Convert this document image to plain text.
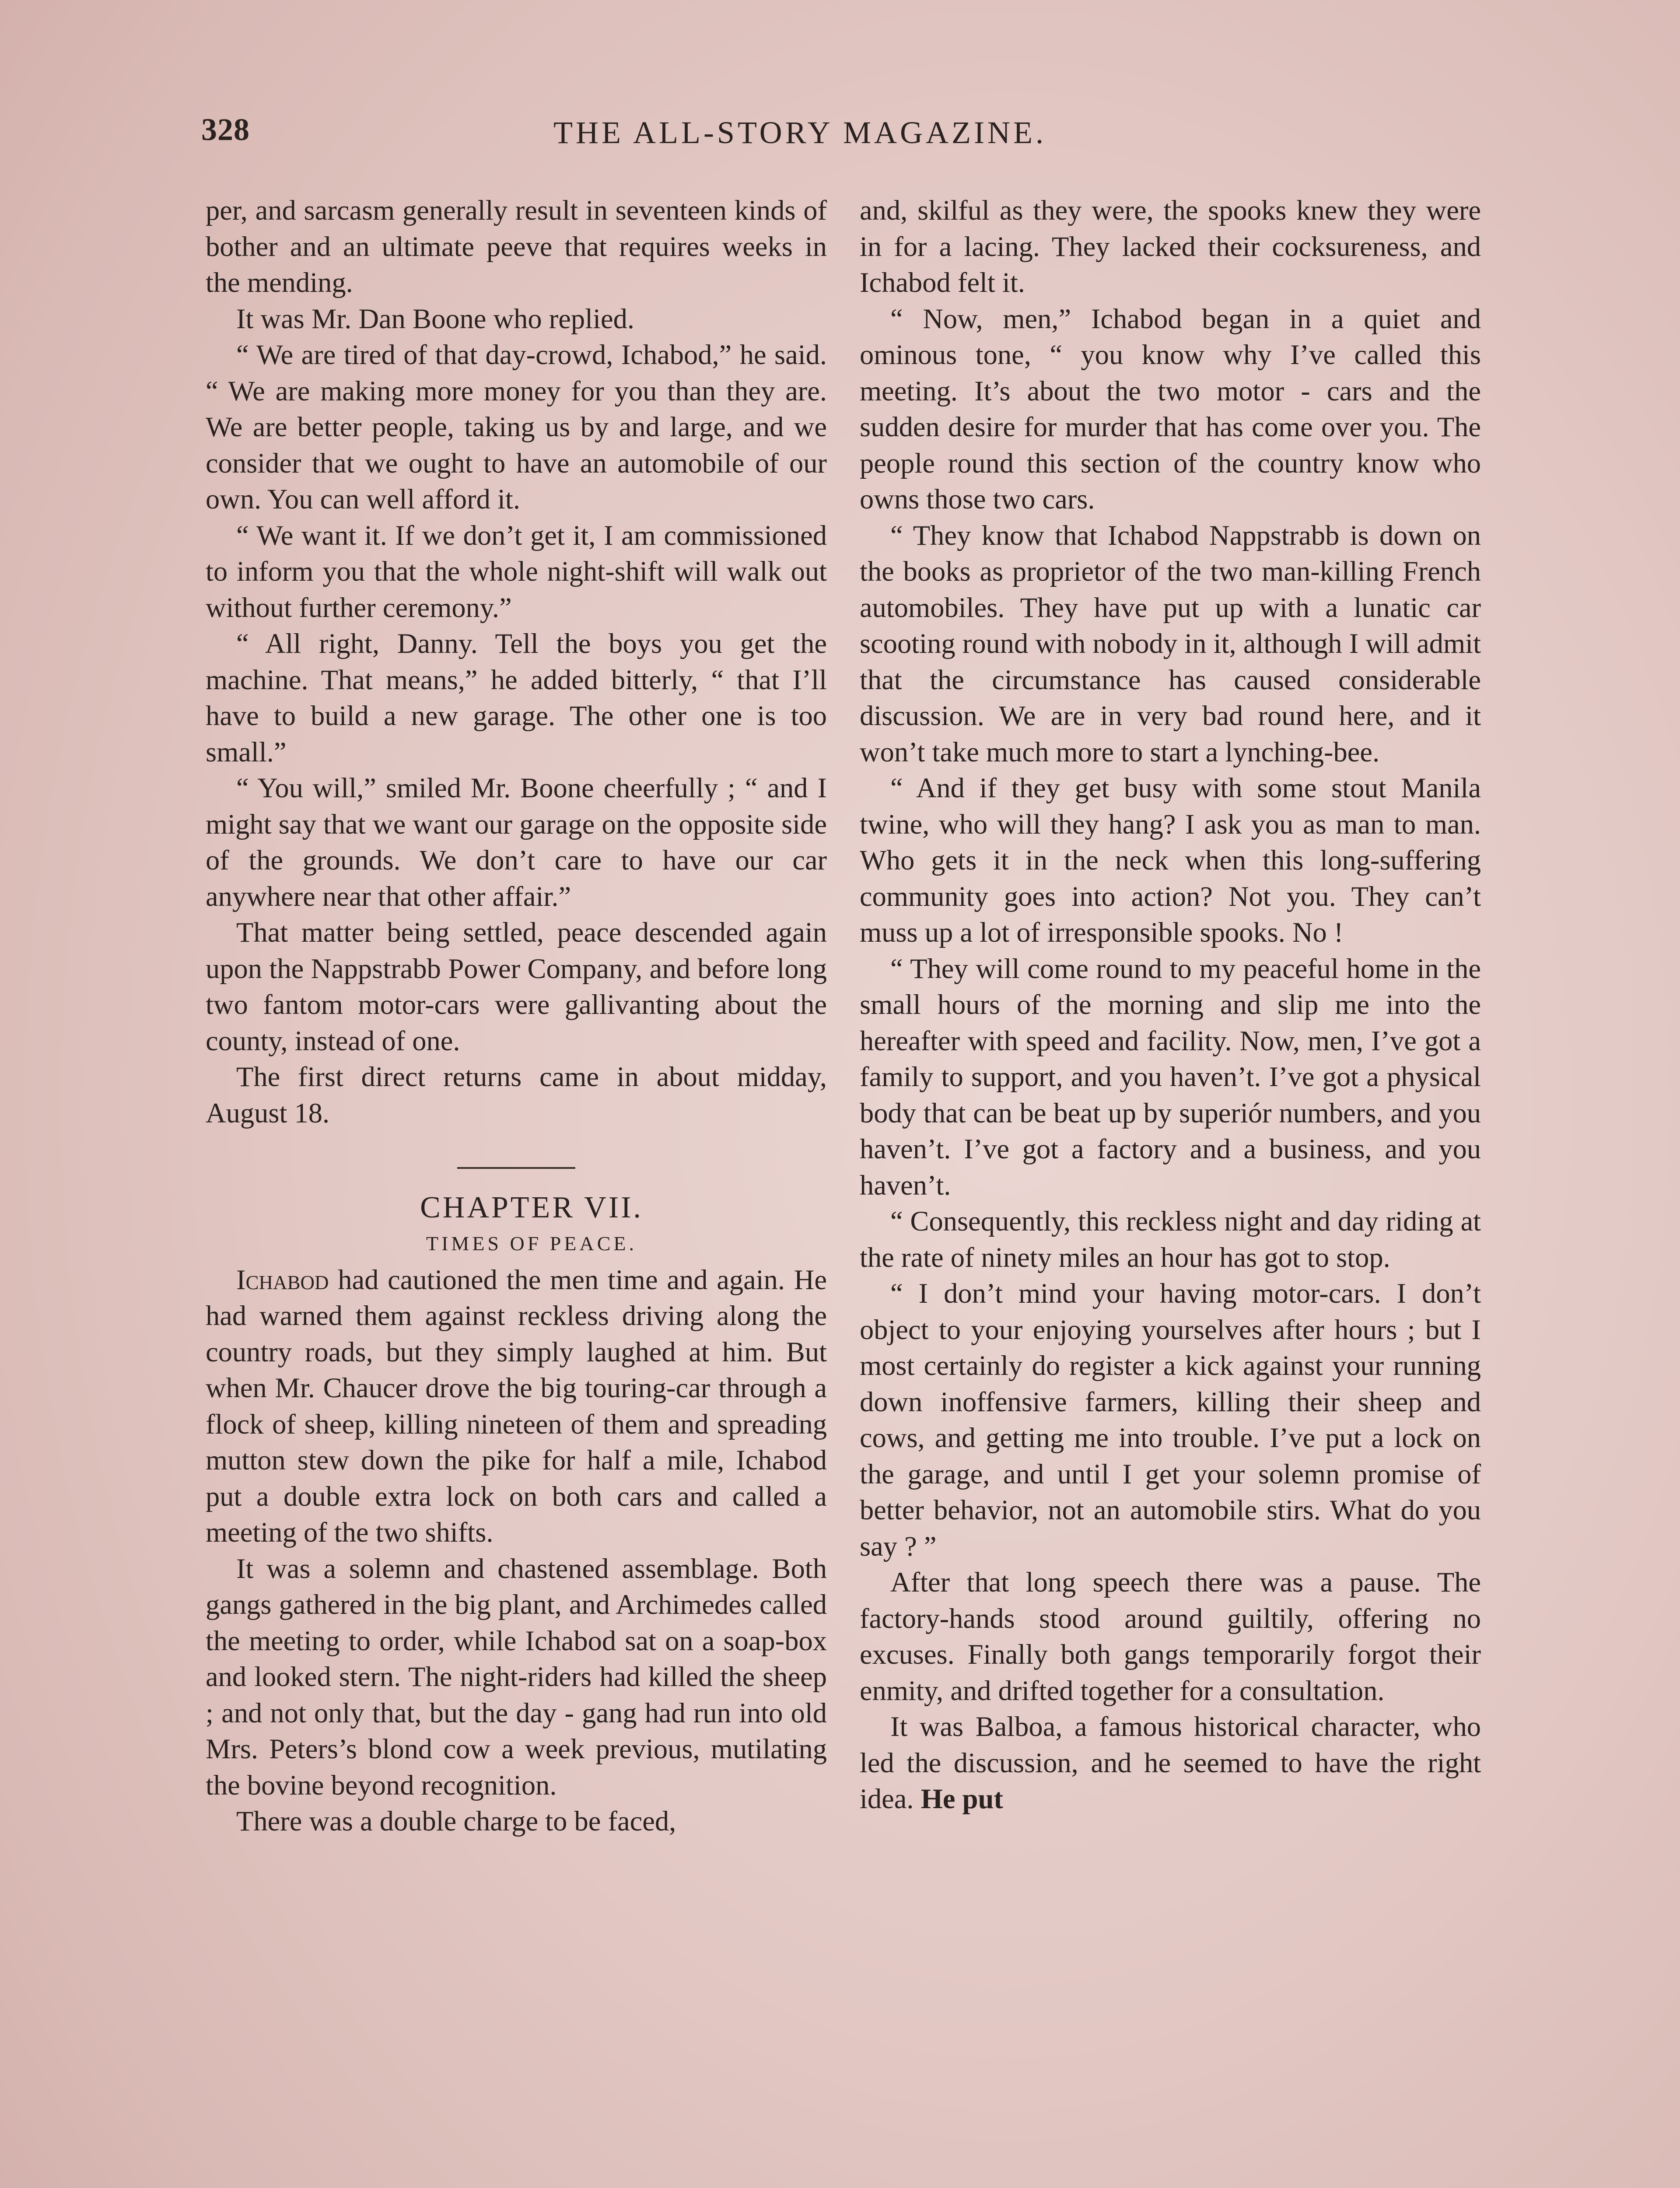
328	THE ALL-STORY MAGAZINE.

per, and sarcasm generally result in seventeen kinds of bother and an ultimate peeve that requires weeks in the mending.

It was Mr. Dan Boone who replied.

“ We are tired of that day-crowd, Ichabod,” he said. “ We are making more money for you than they are. We are better people, taking us by and large, and we consider that we ought to have an automobile of our own. You can well afford it.

“ We want it. If we don’t get it, I am commissioned to inform you that the whole night-shift will walk out without further ceremony.”

“ All right, Danny. Tell the boys you get the machine. That means,” he added bitterly, “ that I’ll have to build a new garage. The other one is too small.”

“ You will,” smiled Mr. Boone cheerfully ; “ and I might say that we want our garage on the opposite side of the grounds. We don’t care to have our car anywhere near that other affair.”

That matter being settled, peace descended again upon the Nappstrabb Power Company, and before long two fantom motor-cars were gallivanting about the county, instead of one.

The first direct returns came in about midday, August 18.

CHAPTER VII.

TIMES OF PEACE.

Ichabod had cautioned the men time and again. He had warned them against reckless driving along the country roads, but they simply laughed at him. But when Mr. Chaucer drove the big touring-car through a flock of sheep, killing nineteen of them and spreading mutton stew down the pike for half a mile, Ichabod put a double extra lock on both cars and called a meeting of the two shifts.

It was a solemn and chastened assemblage. Both gangs gathered in the big plant, and Archimedes called the meeting to order, while Ichabod sat on a soap-box and looked stern. The night-riders had killed the sheep ; and not only that, but the day - gang had run into old Mrs. Peters’s blond cow a week previous, mutilating the bovine beyond recognition.

There was a double charge to be faced,

and, skilful as they were, the spooks knew they were in for a lacing. They lacked their cocksureness, and Ichabod felt it.

“ Now, men,” Ichabod began in a quiet and ominous tone, “ you know why I’ve called this meeting. It’s about the two motor - cars and the sudden desire for murder that has come over you. The people round this section of the country know who owns those two cars.

“ They know that Ichabod Nappstrabb is down on the books as proprietor of the two man-killing French automobiles. They have put up with a lunatic car scooting round with nobody in it, although I will admit that the circumstance has caused considerable discussion. We are in very bad round here, and it won’t take much more to start a lynching-bee.

“ And if they get busy with some stout Manila twine, who will they hang? I ask you as man to man. Who gets it in the neck when this long-suffering community goes into action? Not you. They can’t muss up a lot of irresponsible spooks. No !

“ They will come round to my peaceful home in the small hours of the morning and slip me into the hereafter with speed and facility. Now, men, I’ve got a family to support, and you haven’t. I’ve got a physical body that can be beat up by superiór numbers, and you haven’t. I’ve got a factory and a business, and you haven’t.

“ Consequently, this reckless night and day riding at the rate of ninety miles an hour has got to stop.

“ I don’t mind your having motor-cars. I don’t object to your enjoying yourselves after hours ; but I most certainly do register a kick against your running down inoffensive farmers, killing their sheep and cows, and getting me into trouble. I’ve put a lock on the garage, and until I get your solemn promise of better behavior, not an automobile stirs. What do you say ? ”

After that long speech there was a pause. The factory-hands stood around guiltily, offering no excuses. Finally both gangs temporarily forgot their enmity, and drifted together for a consultation.

It was Balboa, a famous historical character, who led the discussion, and he seemed to have the right idea. He put
